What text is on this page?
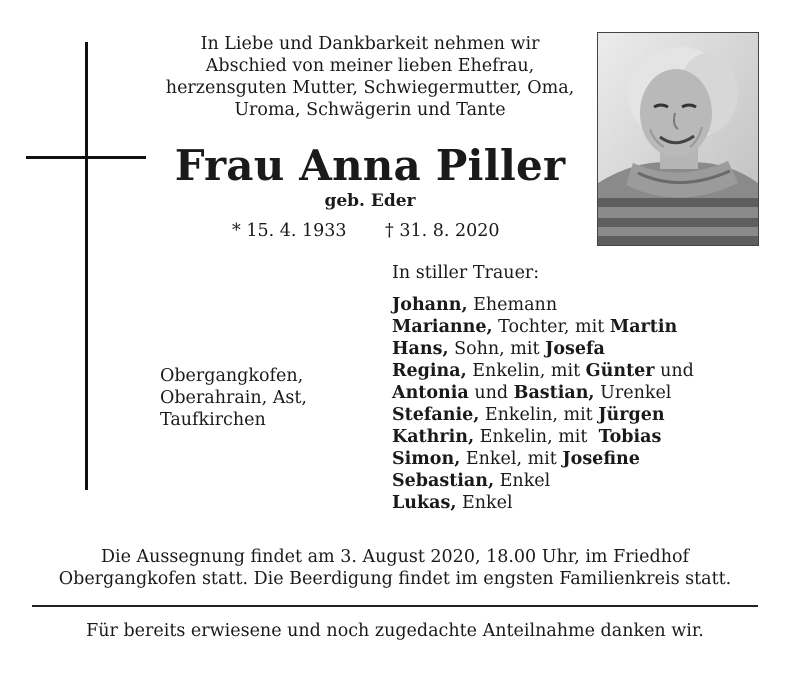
In Liebe und Dankbarkeit nehmen wir
Abschied von meiner lieben Ehefrau,
herzensguten Mutter, Schwiegermutter, Oma,
Uroma, Schwägerin und Tante
Frau Anna Piller
geb. Eder
* 15. 4. 1933 † 31. 8. 2020
Obergangkofen,
Oberahrain, Ast,
Taufkirchen
In stiller Trauer:
Johann, Ehemann
Marianne, Tochter, mit Martin
Hans, Sohn, mit Josefa
Regina, Enkelin, mit Günter und
Antonia und Bastian, Urenkel
Stefanie, Enkelin, mit Jürgen
Kathrin, Enkelin, mit  Tobias
Simon, Enkel, mit Josefine
Sebastian, Enkel
Lukas, Enkel
Die Aussegnung findet am 3. August 2020, 18.00 Uhr, im Friedhof
Obergangkofen statt. Die Beerdigung findet im engsten Familienkreis statt.
Für bereits erwiesene und noch zugedachte Anteilnahme danken wir.
